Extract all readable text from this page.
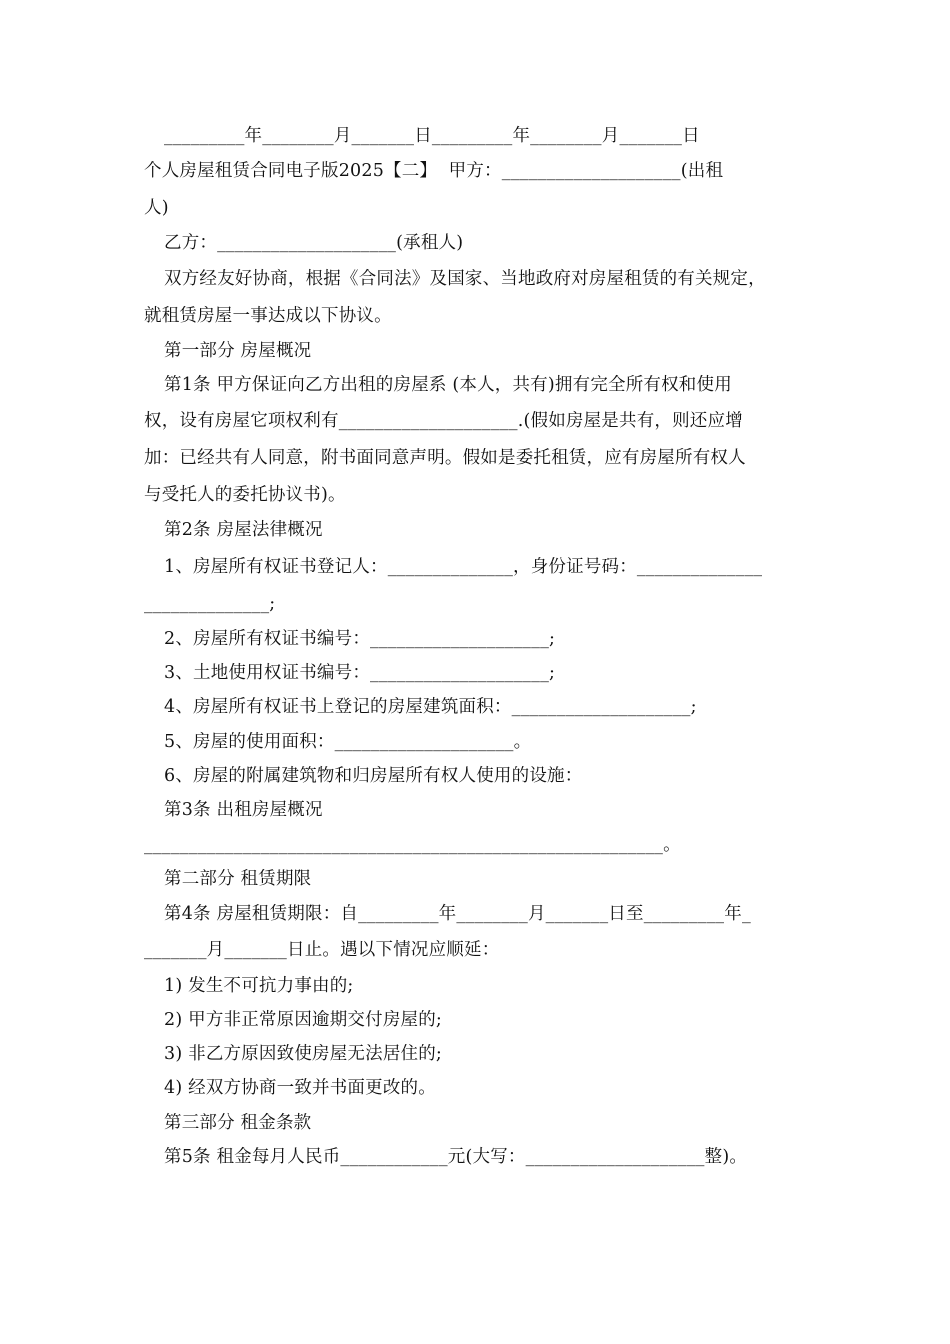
_________年________月_______日_________年________月_______日
个人房屋租赁合同电子版2025【二】  甲方：____________________(出租
人)
乙方：____________________(承租人)
双方经友好协商，根据《合同法》及国家、当地政府对房屋租赁的有关规定，
就租赁房屋一事达成以下协议。
第一部分 房屋概况
第1条 甲方保证向乙方出租的房屋系 (本人，共有)拥有完全所有权和使用
权，设有房屋它项权利有____________________.(假如房屋是共有，则还应增
加：已经共有人同意，附书面同意声明。假如是委托租赁，应有房屋所有权人
与受托人的委托协议书)。
第2条 房屋法律概况
1、房屋所有权证书登记人：______________，身份证号码：______________
______________;
2、房屋所有权证书编号：____________________;
3、土地使用权证书编号：____________________;
4、房屋所有权证书上登记的房屋建筑面积：____________________;
5、房屋的使用面积：____________________。
6、房屋的附属建筑物和归房屋所有权人使用的设施：
第3条 出租房屋概况
__________________________________________________________。
第二部分 租赁期限
第4条 房屋租赁期限：自_________年________月_______日至_________年_
_______月_______日止。遇以下情况应顺延：
1) 发生不可抗力事由的;
2) 甲方非正常原因逾期交付房屋的;
3) 非乙方原因致使房屋无法居住的;
4) 经双方协商一致并书面更改的。
第三部分 租金条款
第5条 租金每月人民币____________元(大写：____________________整)。
